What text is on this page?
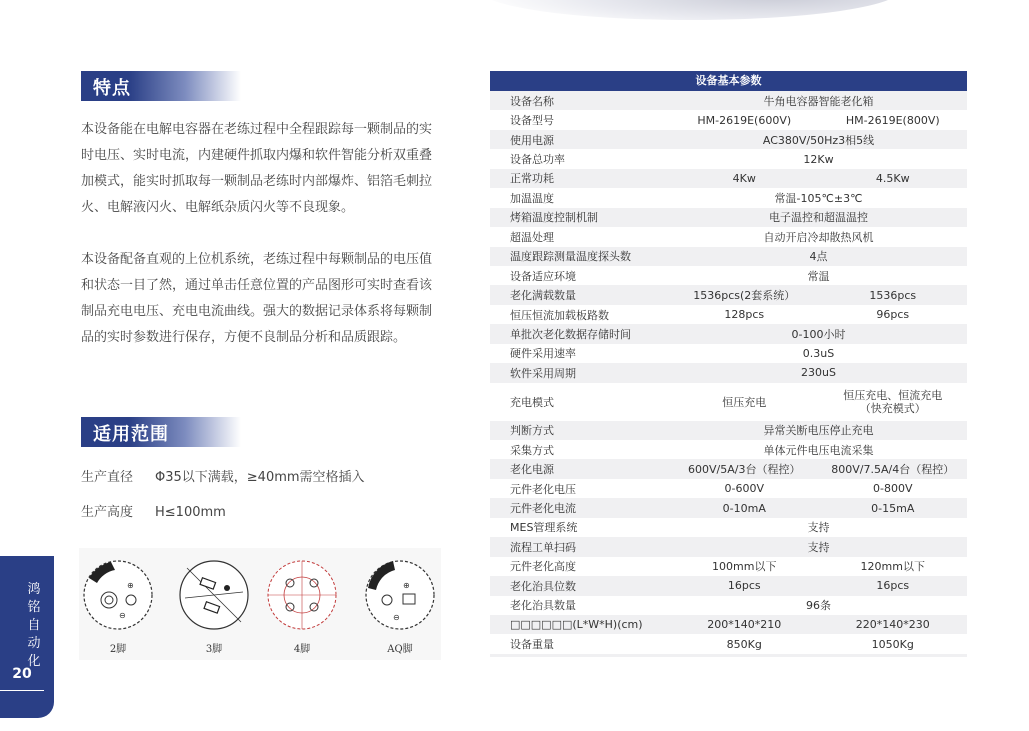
特点

本设备能在电解电容器在老练过程中全程跟踪每一颗制品的实时电压、实时电流，内建硬件抓取内爆和软件智能分析双重叠加模式，能实时抓取每一颗制品老练时内部爆炸、铝箔毛刺拉火、电解液闪火、电解纸杂质闪火等不良现象。

本设备配备直观的上位机系统，老练过程中每颗制品的电压值和状态一目了然，通过单击任意位置的产品图形可实时查看该制品充电电压、充电电流曲线。强大的数据记录体系将每颗制品的实时参数进行保存，方便不良制品分析和品质跟踪。

适用范围
生产直径 Φ35以下满载，≥40mm需空格插入
生产高度 H≤100mm
⊕
⊖
2脚	3脚	4脚
⊕
⊖
AQ脚
鸿铭自动化
20
设备基本参数
设备名称	牛角电容器智能老化箱	
设备型号	HM-2619E(600V)	HM-2619E(800V)
使用电源	AC380V/50Hz3相5线	
设备总功率	12Kw	
正常功耗	4Kw	4.5Kw
加温温度	常温-105℃±3℃	
烤箱温度控制机制	电子温控和超温温控	
超温处理	自动开启冷却散热风机	
温度跟踪测量温度探头数	4点	
设备适应环境	常温	
老化满载数量	1536pcs(2套系统）	1536pcs
恒压恒流加载板路数	128pcs	96pcs
单批次老化数据存储时间	0-100小时	
硬件采用速率	0.3uS	
软件采用周期	230uS	
充电模式	恒压充电	恒压充电、恒流充电
（快充模式）
判断方式	异常关断电压停止充电	
采集方式	单体元件电压电流采集	
老化电源	600V/5A/3台（程控）	800V/7.5A/4台（程控）
元件老化电压	0-600V	0-800V
元件老化电流	0-10mA	0-15mA
MES管理系统	支持	
流程工单扫码	支持	
元件老化高度	100mm以下	120mm以下
老化治具位数	16pcs	16pcs
老化治具数量	96条	
□□□□□□(L*W*H)(cm)	200*140*210	220*140*230
设备重量	850Kg	1050Kg
